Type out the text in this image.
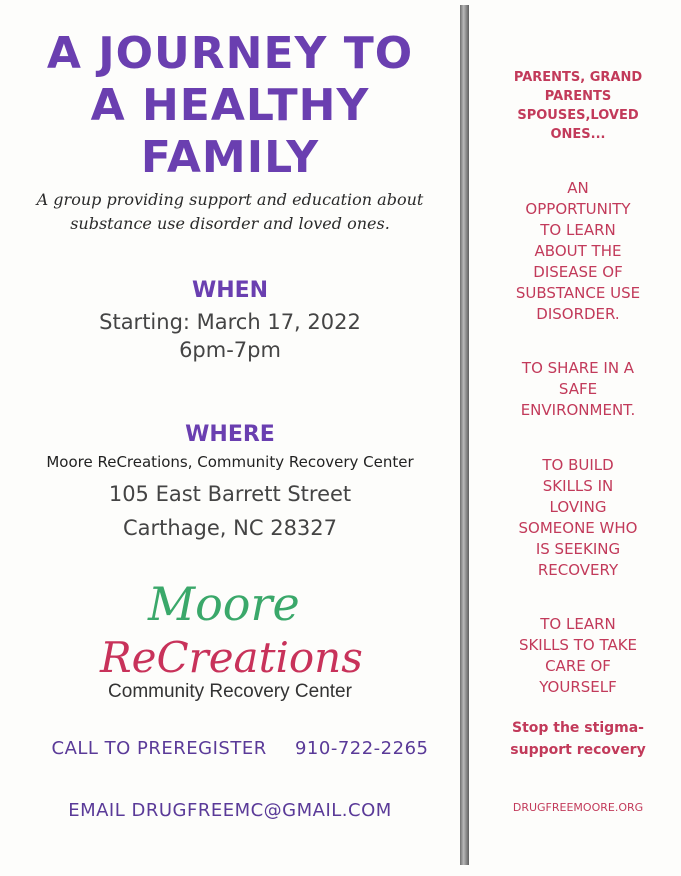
A JOURNEY TO
A HEALTHY
FAMILY
A group providing support and education about
substance use disorder and loved ones.
WHEN
Starting: March 17, 2022
6pm-7pm
WHERE
Moore ReCreations, Community Recovery Center
105 East Barrett Street
Carthage, NC 28327
Moore
ReCreations
Community Recovery Center
CALL TO PREREGISTER 910-722-2265
EMAIL DRUGFREEMC@GMAIL.COM
PARENTS, GRAND
PARENTS
SPOUSES,LOVED
ONES...
AN
OPPORTUNITY
TO LEARN
ABOUT THE
DISEASE OF
SUBSTANCE USE
DISORDER.
TO SHARE IN A
SAFE
ENVIRONMENT.
TO BUILD
SKILLS IN
LOVING
SOMEONE WHO
IS SEEKING
RECOVERY
TO LEARN
SKILLS TO TAKE
CARE OF
YOURSELF
Stop the stigma-
support recovery
DRUGFREEMOORE.ORG
